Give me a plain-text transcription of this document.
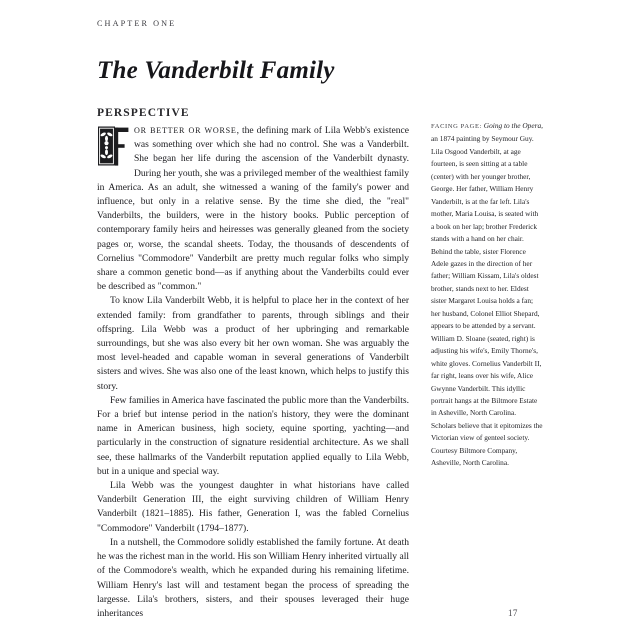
CHAPTER ONE
The Vanderbilt Family
PERSPECTIVE

OR BETTER OR WORSE, the defining mark of Lila Webb's existence was something over which she had no control. She was a Vanderbilt. She began her life during the ascension of the Vanderbilt dynasty. During her youth, she was a privileged member of the wealthiest family in America. As an adult, she witnessed a waning of the family's power and influence, but only in a relative sense. By the time she died, the "real" Vanderbilts, the builders, were in the history books. Public perception of contemporary family heirs and heiresses was generally gleaned from the society pages or, worse, the scandal sheets. Today, the thousands of descendents of Cornelius "Commodore" Vanderbilt are pretty much regular folks who simply share a common genetic bond—as if anything about the Vanderbilts could ever be described as "common."

To know Lila Vanderbilt Webb, it is helpful to place her in the context of her extended family: from grandfather to parents, through siblings and their offspring. Lila Webb was a product of her upbringing and remarkable surroundings, but she was also every bit her own woman. She was arguably the most level-headed and capable woman in several generations of Vanderbilt sisters and wives. She was also one of the least known, which helps to justify this story.

Few families in America have fascinated the public more than the Vanderbilts. For a brief but intense period in the nation's history, they were the dominant name in American business, high society, equine sporting, yachting—and particularly in the construction of signature residential architecture. As we shall see, these hallmarks of the Vanderbilt reputation applied equally to Lila Webb, but in a unique and special way.

Lila Webb was the youngest daughter in what historians have called Vanderbilt Generation III, the eight surviving children of William Henry Vanderbilt (1821–1885). His father, Generation I, was the fabled Cornelius "Commodore" Vanderbilt (1794–1877).

In a nutshell, the Commodore solidly established the family fortune. At death he was the richest man in the world. His son William Henry inherited virtually all of the Commodore's wealth, which he expanded during his remaining lifetime. William Henry's last will and testament began the process of spreading the largesse. Lila's brothers, sisters, and their spouses leveraged their huge inheritances

FACING PAGE: Going to the Opera, an 1874 painting by Seymour Guy. Lila Osgood Vanderbilt, at age fourteen, is seen sitting at a table (center) with her younger brother, George. Her father, William Henry Vanderbilt, is at the far left. Lila's mother, Maria Louisa, is seated with a book on her lap; brother Frederick stands with a hand on her chair. Behind the table, sister Florence Adele gazes in the direction of her father; William Kissam, Lila's oldest brother, stands next to her. Eldest sister Margaret Louisa holds a fan; her husband, Colonel Elliot Shepard, appears to be attended by a servant. William D. Sloane (seated, right) is adjusting his wife's, Emily Thorne's, white gloves. Cornelius Vanderbilt II, far right, leans over his wife, Alice Gwynne Vanderbilt. This idyllic portrait hangs at the Biltmore Estate in Asheville, North Carolina. Scholars believe that it epitomizes the Victorian view of genteel society. Courtesy Biltmore Company, Asheville, North Carolina.

17
